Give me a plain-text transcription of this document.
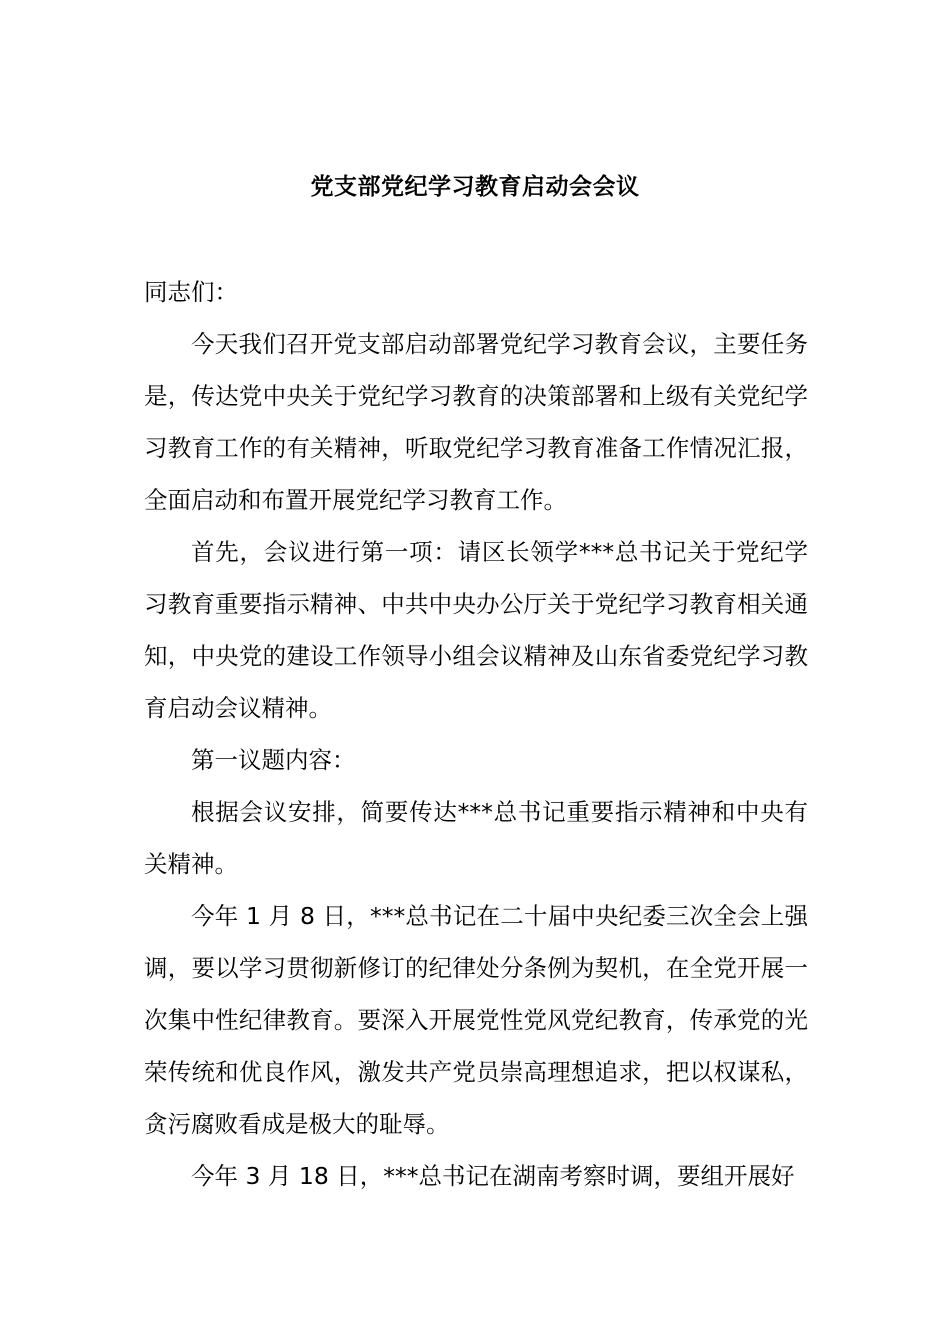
党支部党纪学习教育启动会会议

同志们：

今天我们召开党支部启动部署党纪学习教育会议，主要任务是，传达党中央关于党纪学习教育的决策部署和上级有关党纪学习教育工作的有关精神，听取党纪学习教育准备工作情况汇报，全面启动和布置开展党纪学习教育工作。

首先，会议进行第一项：请区长领学***总书记关于党纪学习教育重要指示精神、中共中央办公厅关于党纪学习教育相关通知，中央党的建设工作领导小组会议精神及山东省委党纪学习教育启动会议精神。

第一议题内容：

根据会议安排，简要传达***总书记重要指示精神和中央有关精神。

今年 1 月 8 日，***总书记在二十届中央纪委三次全会上强调，要以学习贯彻新修订的纪律处分条例为契机，在全党开展一次集中性纪律教育。要深入开展党性党风党纪教育，传承党的光荣传统和优良作风，激发共产党员崇高理想追求，把以权谋私，贪污腐败看成是极大的耻辱。

今年 3 月 18 日，***总书记在湖南考察时调，要组开展好
